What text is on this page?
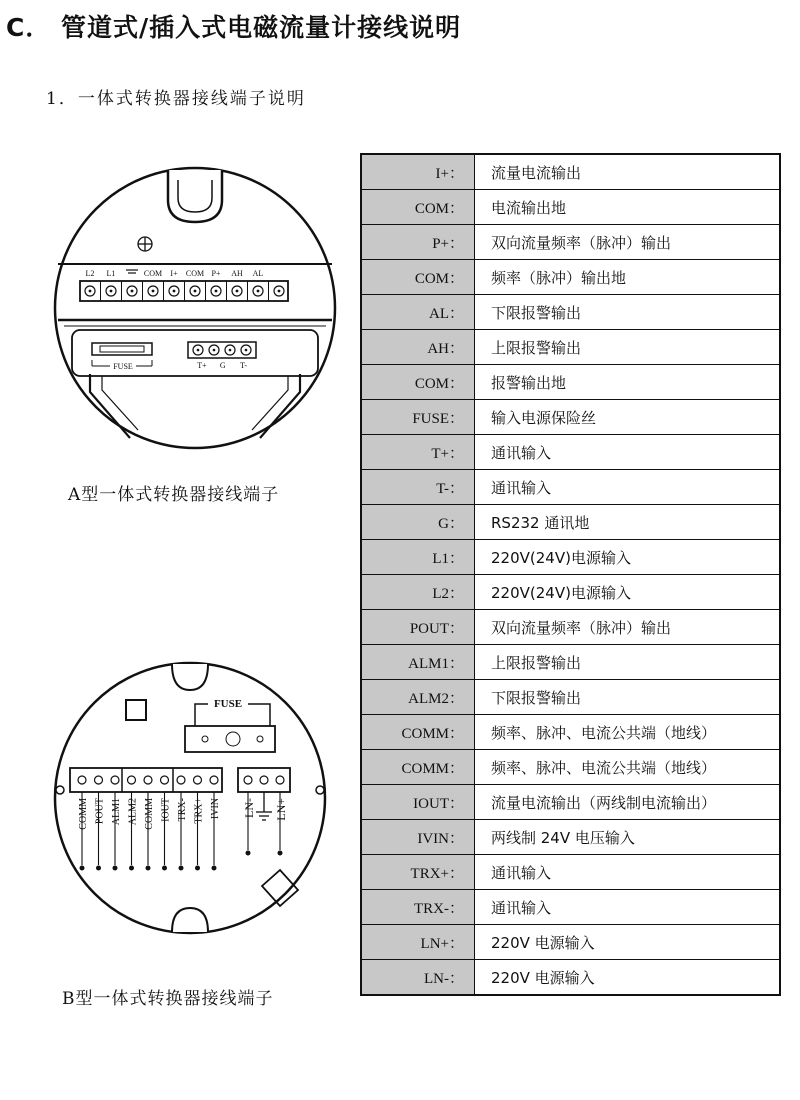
C． 管道式/插入式电磁流量计接线说明
1．一体式转换器接线端子说明
L2 L1	COM I+ COM P+ AH AL
FUSE	T+ G T-
A型一体式转换器接线端子
FUSE
COMM POUT ALM1 ALM2 COMM IOUT TRX- TRX+ IVIN LN- LN+
B型一体式转换器接线端子
I+：	流量电流输出
COM：	电流输出地
P+：	双向流量频率（脉冲）输出
COM：	频率（脉冲）输出地
AL：	下限报警输出
AH：	上限报警输出
COM：	报警输出地
FUSE：	输入电源保险丝
T+：	通讯输入
T-：	通讯输入
G：	RS232 通讯地
L1：	220V(24V)电源输入
L2：	220V(24V)电源输入
POUT：	双向流量频率（脉冲）输出
ALM1：	上限报警输出
ALM2：	下限报警输出
COMM：	频率、脉冲、电流公共端（地线）
COMM：	频率、脉冲、电流公共端（地线）
IOUT：	流量电流输出（两线制电流输出）
IVIN：	两线制 24V 电压输入
TRX+：	通讯输入
TRX-：	通讯输入
LN+：	220V 电源输入
LN-：	220V 电源输入
